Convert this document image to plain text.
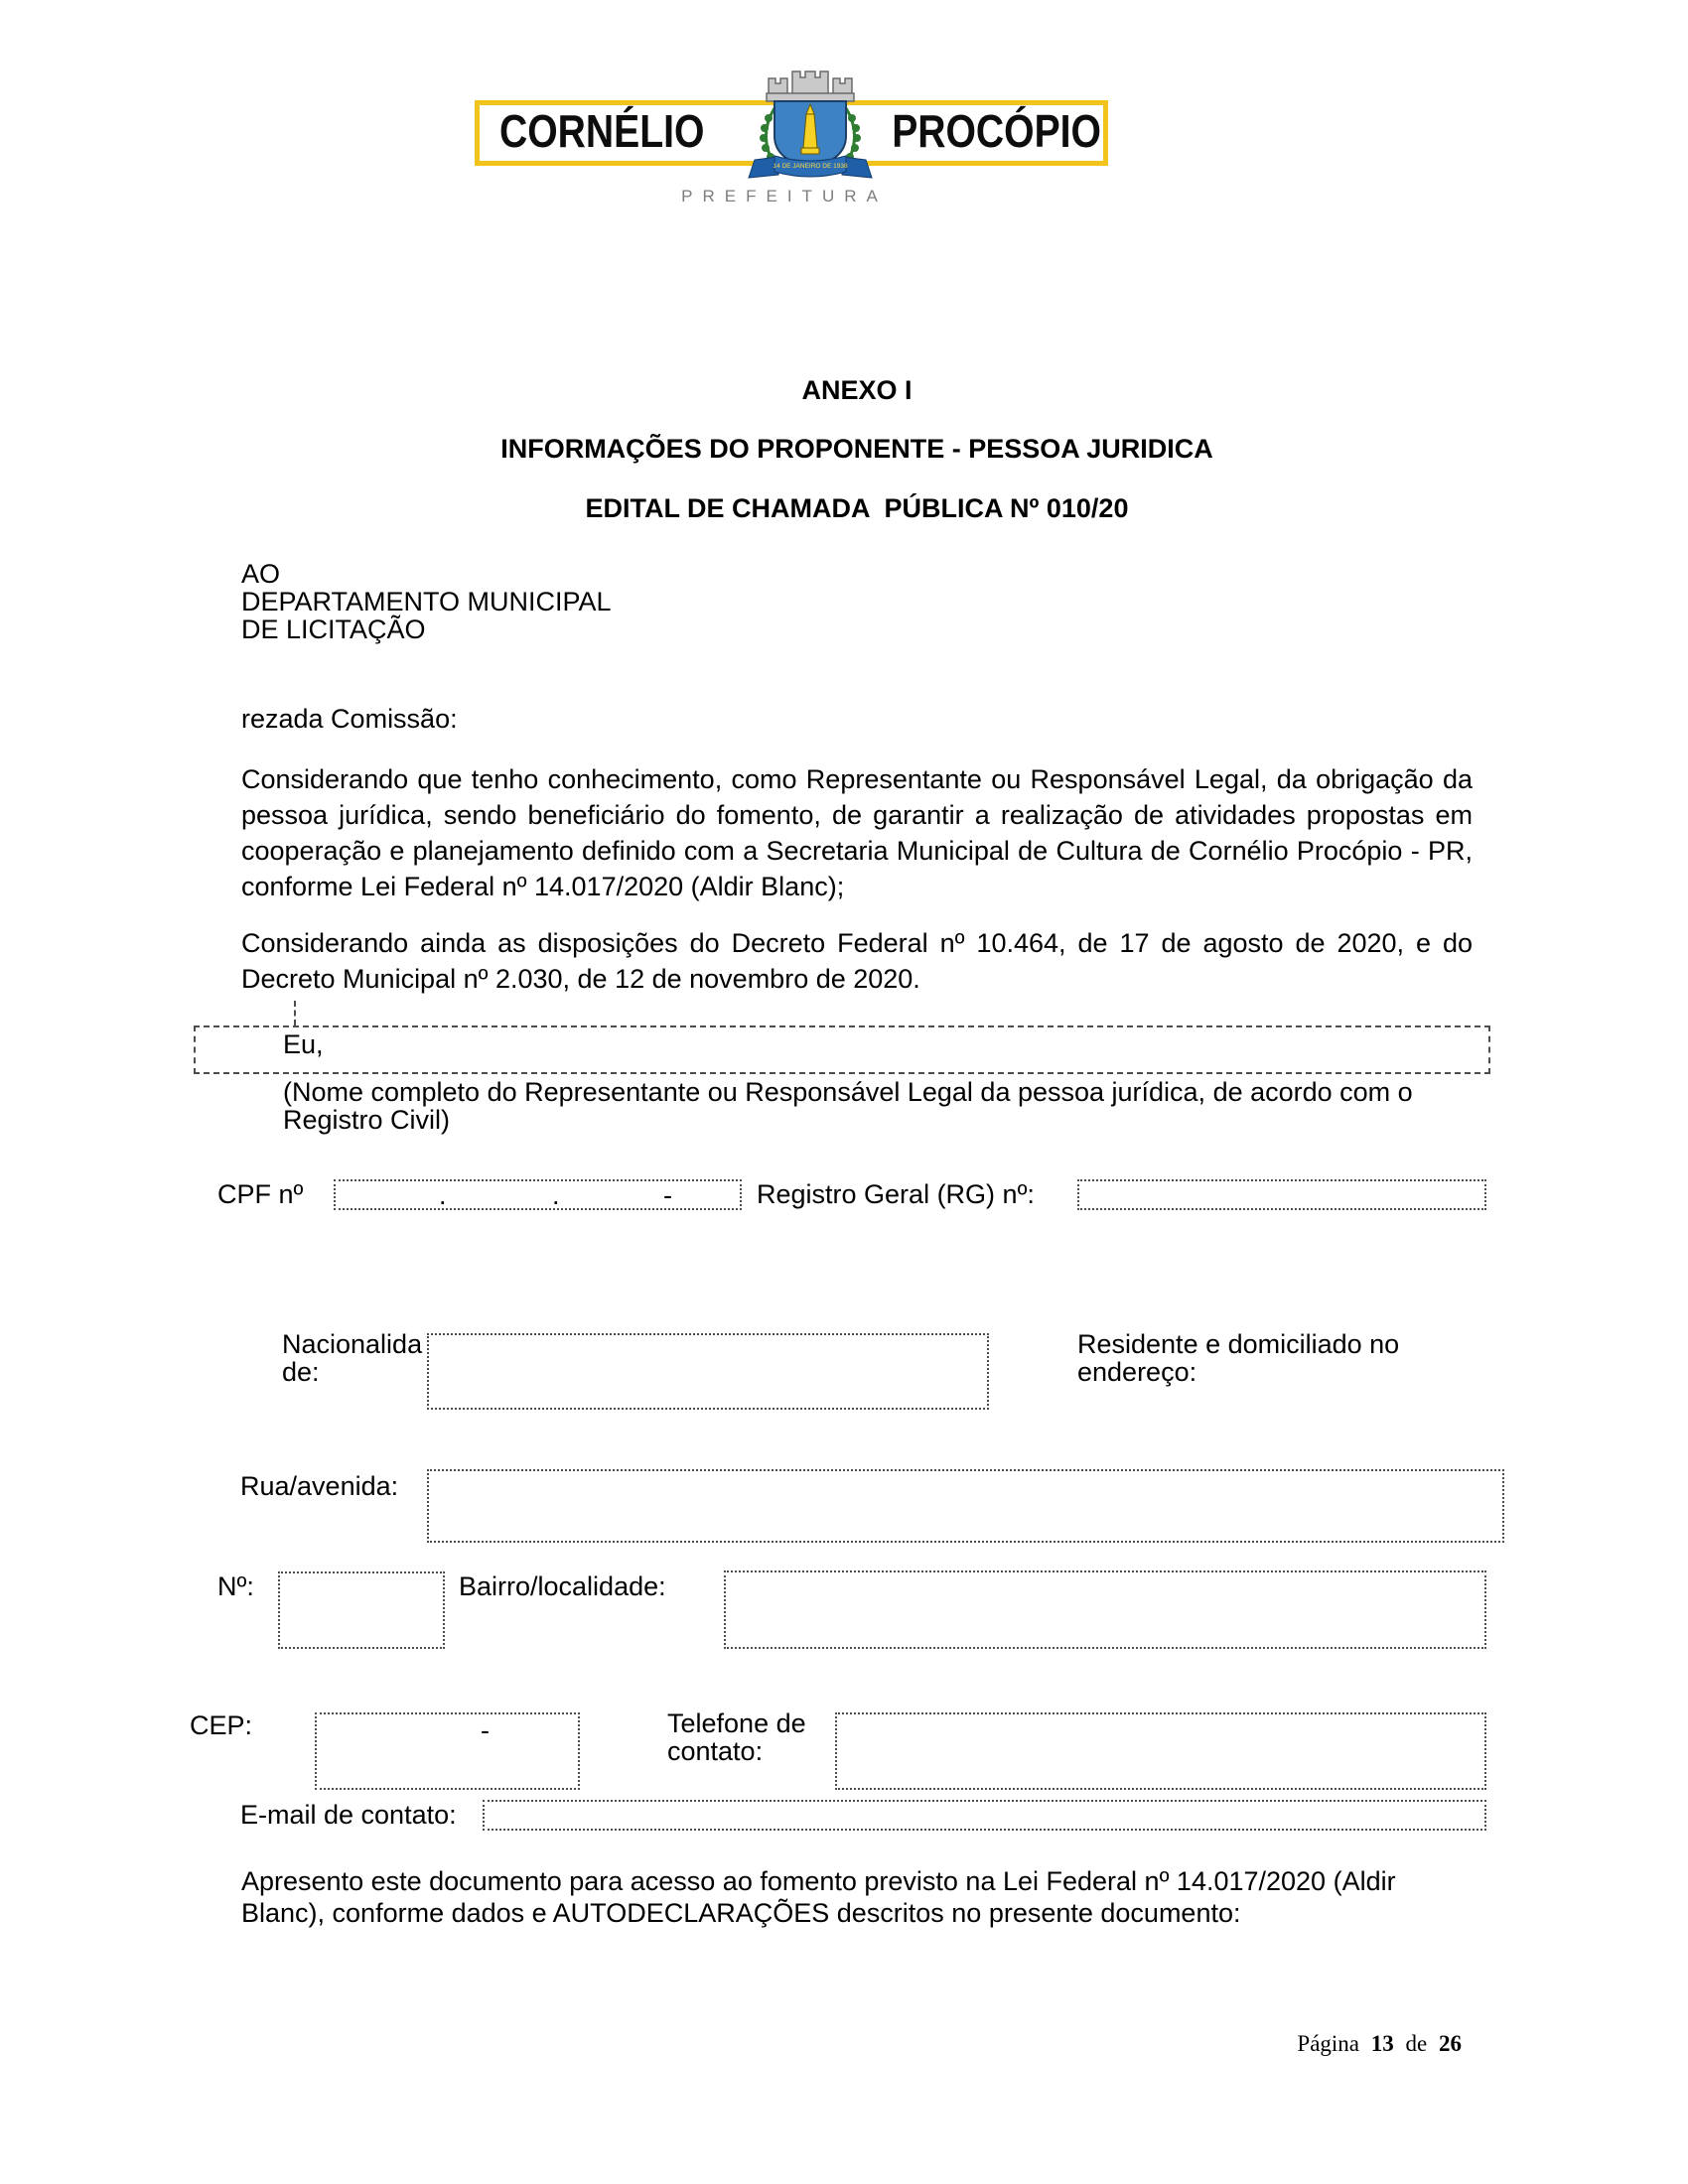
CORNÉLIO	PROCÓPIO
14 DE JANEIRO DE 1938
PREFEITURA
ANEXO I
INFORMAÇÕES DO PROPONENTE - PESSOA JURIDICA
EDITAL DE CHAMADA  PÚBLICA Nº 010/20
AO
DEPARTAMENTO MUNICIPAL
DE LICITAÇÃO
rezada Comissão:
Considerando que tenho conhecimento, como Representante ou Responsável Legal, da obrigação da pessoa jurídica, sendo beneficiário do fomento, de garantir a realização de atividades propostas em cooperação e planejamento definido com a Secretaria Municipal de Cultura de Cornélio Procópio - PR, conforme Lei Federal nº 14.017/2020 (Aldir Blanc);
Considerando ainda as disposições do Decreto Federal nº 10.464, de 17 de agosto de 2020, e do Decreto Municipal nº 2.030, de 12 de novembro de 2020.
Eu,
(Nome completo do Representante ou Responsável Legal da pessoa jurídica, de acordo com o Registro Civil)
CPF nº	.	.	-	Registro Geral (RG) nº:
Nacionalidade:
Residente e domiciliado no endereço:
Rua/avenida:
Nº:	Bairro/localidade:
CEP:	-	Telefone de contato:
E-mail de contato:
Apresento este documento para acesso ao fomento previsto na Lei Federal nº 14.017/2020 (Aldir Blanc), conforme dados e AUTODECLARAÇÕES descritos no presente documento:
Página 13 de 26
